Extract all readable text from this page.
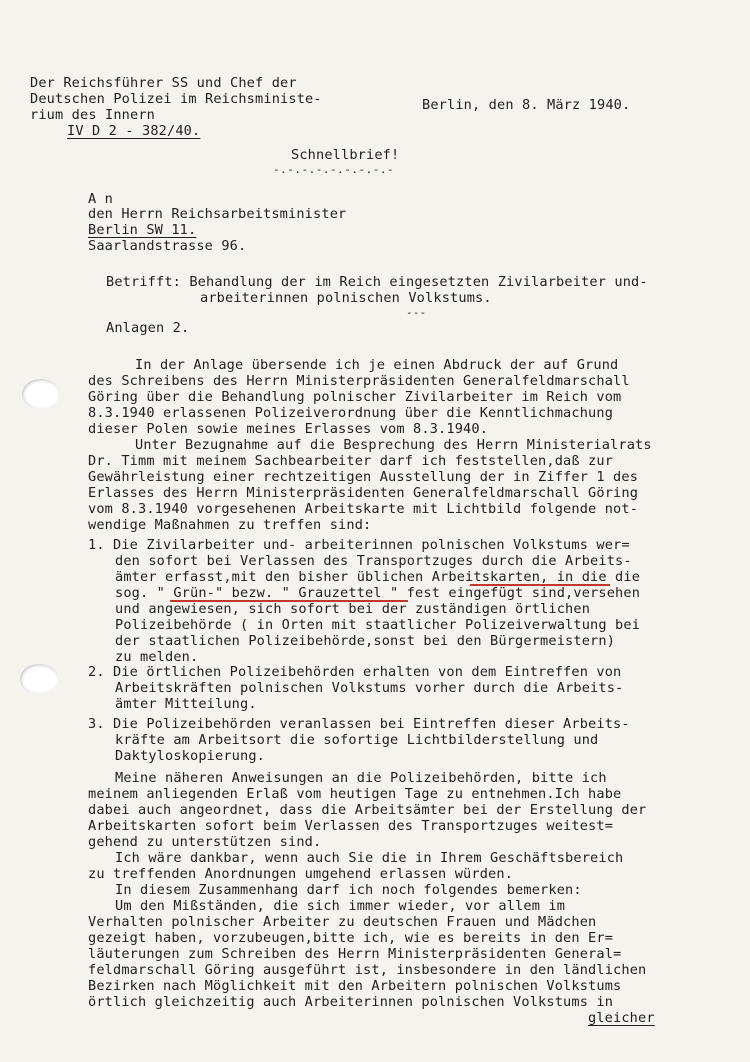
Der Reichsführer SS und Chef der
Deutschen Polizei im Reichsministe-
rium des Innern
IV D 2 - 382/40.
Berlin, den 8. März 1940.
Schnellbrief!
-.-.-.-.-.-.-.-.-
A n
den Herrn Reichsarbeitsminister
Berlin SW 11.
Saarlandstrasse 96.
Betrifft: Behandlung der im Reich eingesetzten Zivilarbeiter und-
arbeiterinnen polnischen Volkstums.
---
Anlagen 2.
In der Anlage übersende ich je einen Abdruck der auf Grund
des Schreibens des Herrn Ministerpräsidenten Generalfeldmarschall
Göring über die Behandlung polnischer Zivilarbeiter im Reich vom
8.3.1940 erlassenen Polizeiverordnung über die Kenntlichmachung
dieser Polen sowie meines Erlasses vom 8.3.1940.
Unter Bezugnahme auf die Besprechung des Herrn Ministerialrats
Dr. Timm mit meinem Sachbearbeiter darf ich feststellen,daß zur
Gewährleistung einer rechtzeitigen Ausstellung der in Ziffer 1 des
Erlasses des Herrn Ministerpräsidenten Generalfeldmarschall Göring
vom 8.3.1940 vorgesehenen Arbeitskarte mit Lichtbild folgende not-
wendige Maßnahmen zu treffen sind:
1. Die Zivilarbeiter und- arbeiterinnen polnischen Volkstums wer=
den sofort bei Verlassen des Transportzuges durch die Arbeits-
ämter erfasst,mit den bisher üblichen Arbeitskarten, in die die
sog. " Grün-" bezw. " Grauzettel " fest eingefügt sind,versehen
und angewiesen, sich sofort bei der zuständigen örtlichen
Polizeibehörde ( in Orten mit staatlicher Polizeiverwaltung bei
der staatlichen Polizeibehörde,sonst bei den Bürgermeistern)
zu melden.
2. Die örtlichen Polizeibehörden erhalten von dem Eintreffen von
Arbeitskräften polnischen Volkstums vorher durch die Arbeits-
ämter Mitteilung.
3. Die Polizeibehörden veranlassen bei Eintreffen dieser Arbeits-
kräfte am Arbeitsort die sofortige Lichtbilderstellung und
Daktyloskopierung.
Meine näheren Anweisungen an die Polizeibehörden, bitte ich
meinem anliegenden Erlaß vom heutigen Tage zu entnehmen.Ich habe
dabei auch angeordnet, dass die Arbeitsämter bei der Erstellung der
Arbeitskarten sofort beim Verlassen des Transportzuges weitest=
gehend zu unterstützen sind.
Ich wäre dankbar, wenn auch Sie die in Ihrem Geschäftsbereich
zu treffenden Anordnungen umgehend erlassen würden.
In diesem Zusammenhang darf ich noch folgendes bemerken:
Um den Mißständen, die sich immer wieder, vor allem im
Verhalten polnischer Arbeiter zu deutschen Frauen und Mädchen
gezeigt haben, vorzubeugen,bitte ich, wie es bereits in den Er=
läuterungen zum Schreiben des Herrn Ministerpräsidenten General=
feldmarschall Göring ausgeführt ist, insbesondere in den ländlichen
Bezirken nach Möglichkeit mit den Arbeitern polnischen Volkstums
örtlich gleichzeitig auch Arbeiterinnen polnischen Volkstums in
gleicher
